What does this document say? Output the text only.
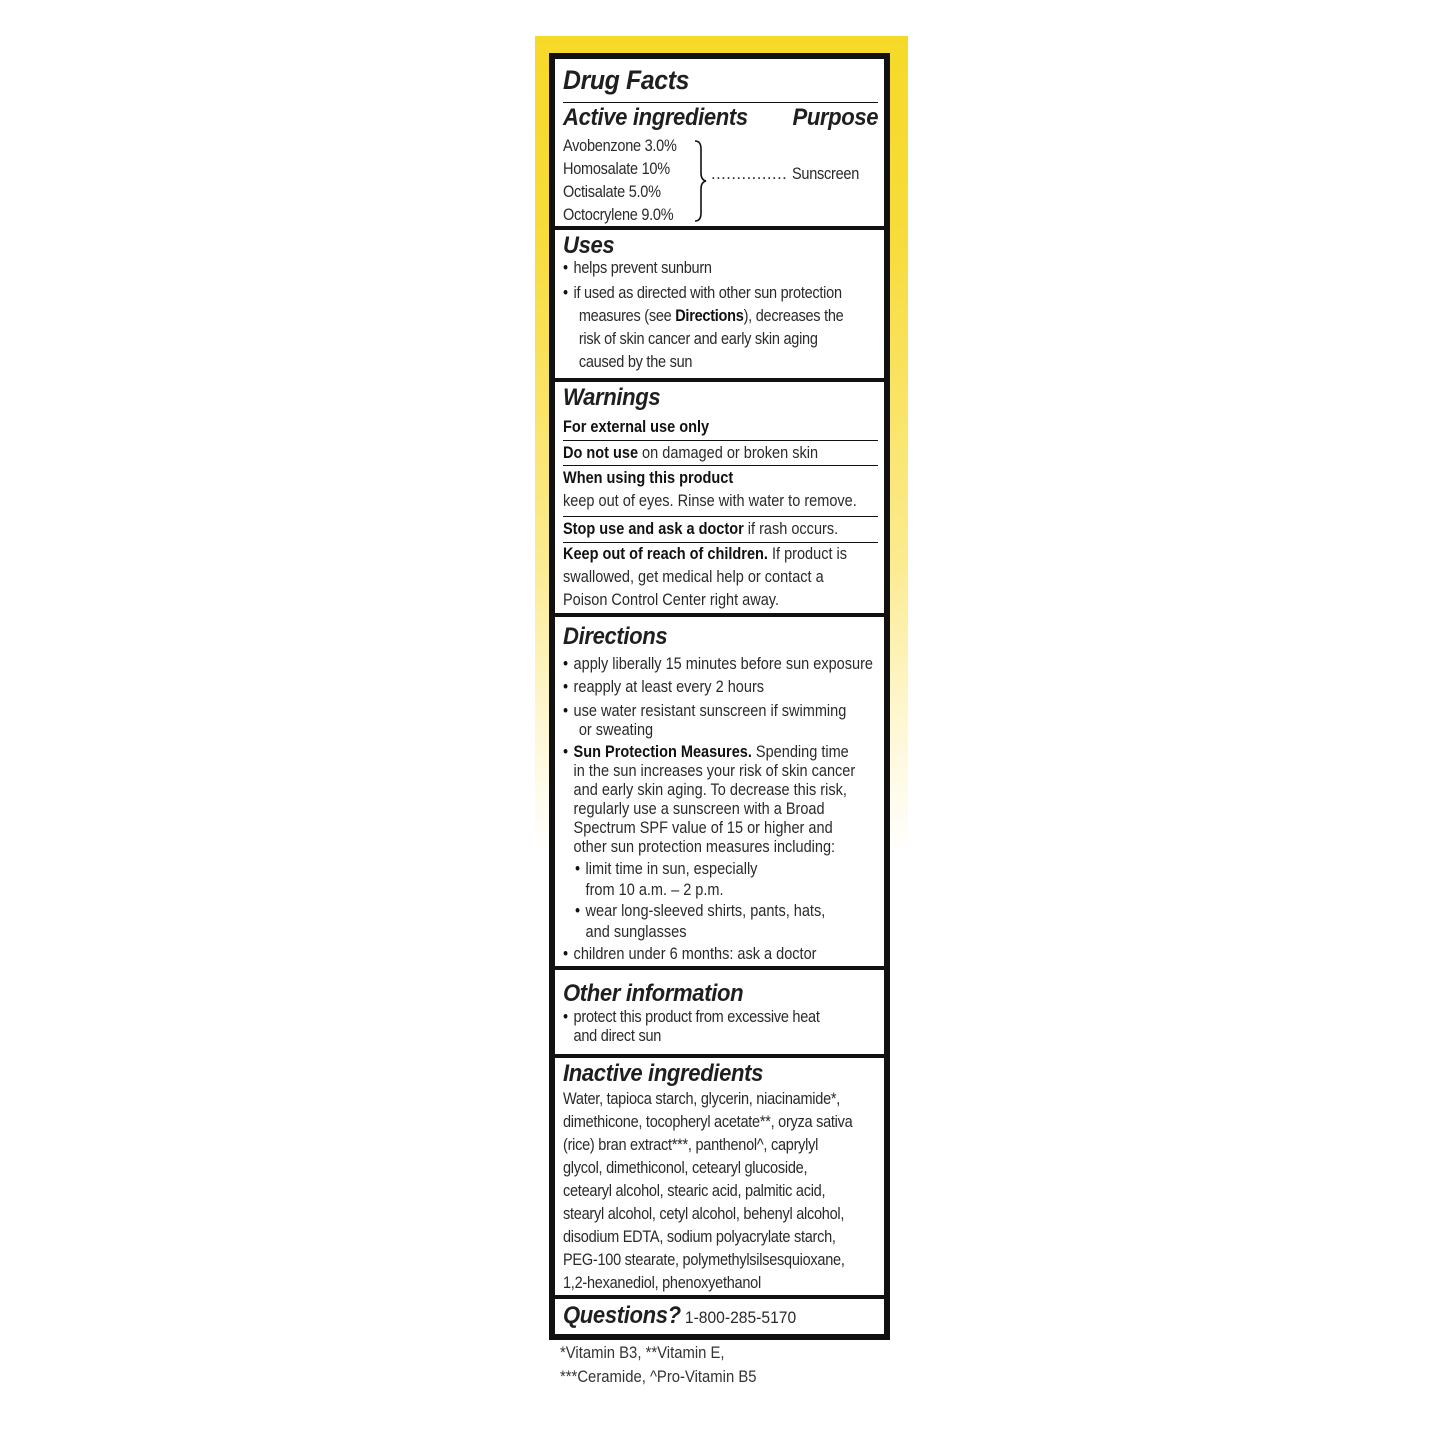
Drug Facts
Active ingredients Purpose
Avobenzone 3.0%
Homosalate 10%
Octisalate 5.0%
Octocrylene 9.0%
............... Sunscreen
Uses
• helps prevent sunburn
• if used as directed with other sun protection
measures (see Directions), decreases the
risk of skin cancer and early skin aging
caused by the sun
Warnings
For external use only
Do not use on damaged or broken skin
When using this product
keep out of eyes. Rinse with water to remove.
Stop use and ask a doctor if rash occurs.
Keep out of reach of children. If product is
swallowed, get medical help or contact a
Poison Control Center right away.
Directions
• apply liberally 15 minutes before sun exposure
• reapply at least every 2 hours
• use water resistant sunscreen if swimming
or sweating
• Sun Protection Measures. Spending time
in the sun increases your risk of skin cancer
and early skin aging. To decrease this risk,
regularly use a sunscreen with a Broad
Spectrum SPF value of 15 or higher and
other sun protection measures including:
• limit time in sun, especially
from 10 a.m. – 2 p.m.
• wear long-sleeved shirts, pants, hats,
and sunglasses
• children under 6 months: ask a doctor
Other information
• protect this product from excessive heat
and direct sun
Inactive ingredients
Water, tapioca starch, glycerin, niacinamide*,
dimethicone, tocopheryl acetate**, oryza sativa
(rice) bran extract***, panthenol^, caprylyl
glycol, dimethiconol, cetearyl glucoside,
cetearyl alcohol, stearic acid, palmitic acid,
stearyl alcohol, cetyl alcohol, behenyl alcohol,
disodium EDTA, sodium polyacrylate starch,
PEG-100 stearate, polymethylsilsesquioxane,
1,2-hexanediol, phenoxyethanol
Questions? 1-800-285-5170
*Vitamin B3, **Vitamin E,
***Ceramide, ^Pro-Vitamin B5
